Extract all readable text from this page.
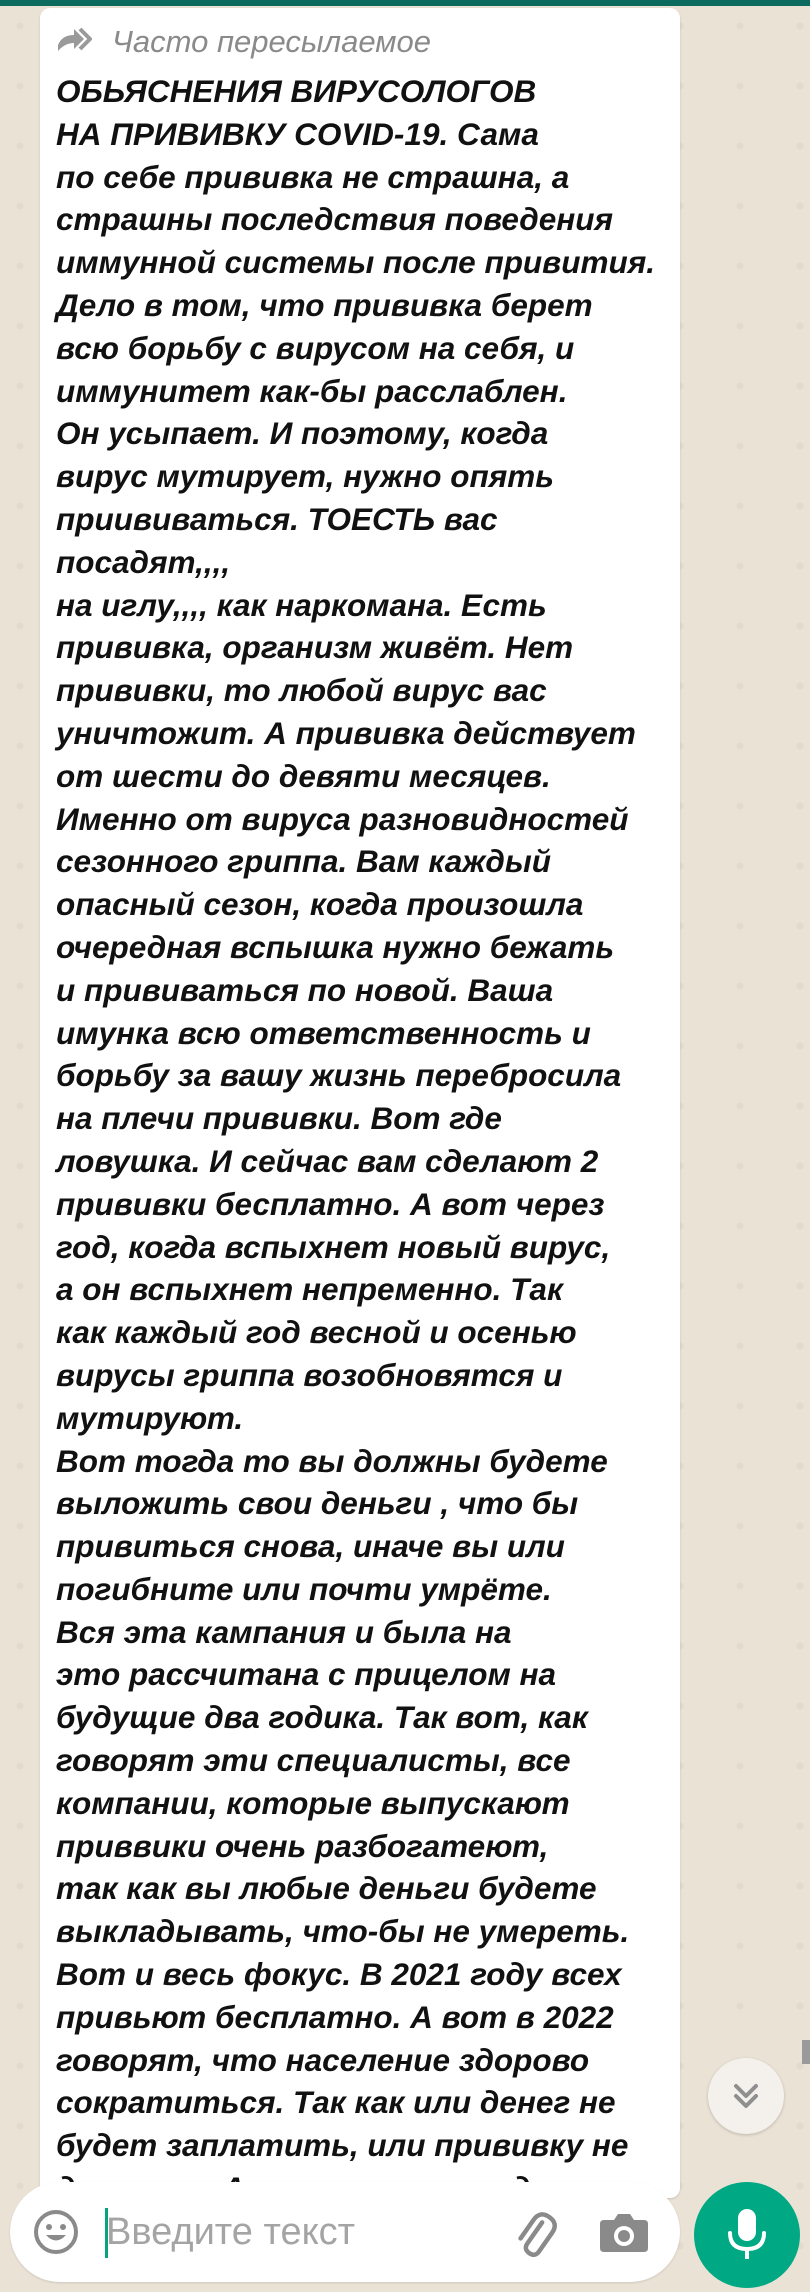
Часто пересылаемое
ОБЬЯСНЕНИЯ ВИРУСОЛОГОВ
НА ПРИВИВКУ COVID-19. Сама
по себе прививка не страшна, а
страшны последствия поведения
иммунной системы после привития.
Дело в том, что прививка берет
всю борьбу с вирусом на себя, и
иммунитет как-бы расслаблен.
Он усыпает. И поэтому, когда
вирус мутирует, нужно опять
приививаться. ТОЕСТЬ вас посадят,,,,
на иглу,,,, как наркомана. Есть
прививка, организм живёт. Нет
прививки, то любой вирус вас
уничтожит. А прививка действует
от шести до девяти месяцев.
Именно от вируса разновидностей
сезонного гриппа. Вам каждый
опасный сезон, когда произошла
очередная вспышка нужно бежать
и прививаться по новой. Ваша
имунка всю ответственность и
борьбу за вашу жизнь перебросила
на плечи прививки. Вот где
ловушка. И сейчас вам сделают 2
прививки бесплатно. А вот через
год, когда вспыхнет новый вирус,
а он вспыхнет непременно. Так
как каждый год весной и осенью
вирусы гриппа возобновятся и
мутируют.
Вот тогда то вы должны будете
выложить свои деньги , что бы
привиться снова, иначе вы или
погибните или почти умрёте.
Вся эта кампания и была на
это рассчитана с прицелом на
будущие два годика. Так вот, как
говорят эти специалисты, все
компании, которые выпускают
приввики очень разбогатеют,
так как вы любые деньги будете
выкладывать, что-бы не умереть.
Вот и весь фокус. В 2021 году всех
привьют бесплатно. А вот в 2022
говорят, что население здорово
сократиться. Так как или денег не
будет заплатить, или прививку не

Введите текст
